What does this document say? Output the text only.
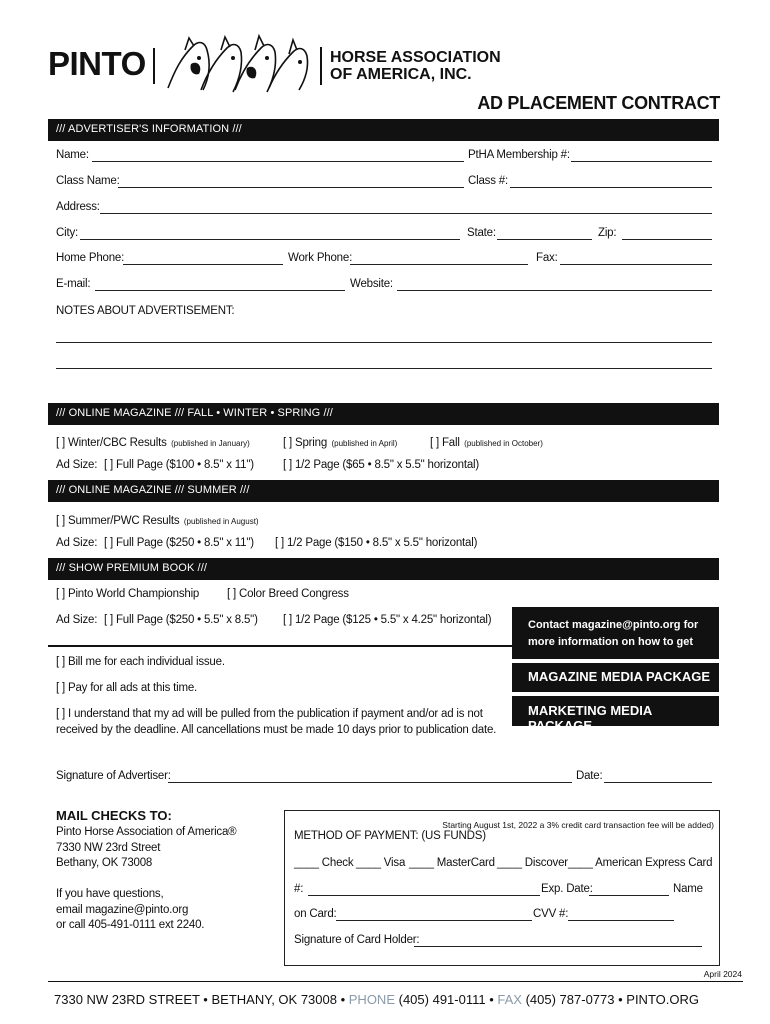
PINTO	HORSE ASSOCIATION
OF AMERICA, INC.
AD PLACEMENT CONTRACT
/// ADVERTISER'S INFORMATION ///
Name:	PtHA Membership #:
Class Name:	Class #:
Address:
City:	State:	Zip:
Home Phone:	Work Phone:	Fax:
E-mail:	Website:
NOTES ABOUT ADVERTISEMENT:
/// ONLINE MAGAZINE /// FALL • WINTER • SPRING ///
[ ] Winter/CBC Results (published in January)	[ ] Spring (published in April)	[ ] Fall (published in October)
Ad Size: [ ] Full Page ($100 • 8.5" x 11")	[ ] 1/2 Page ($65 • 8.5" x 5.5" horizontal)
/// ONLINE MAGAZINE /// SUMMER ///
[ ] Summer/PWC Results (published in August)
Ad Size: [ ] Full Page ($250 • 8.5" x 11") [ ] 1/2 Page ($150 • 8.5" x 5.5" horizontal)
/// SHOW PREMIUM BOOK ///
[ ] Pinto World Championship [ ] Color Breed Congress
Ad Size: [ ] Full Page ($250 • 5.5" x 8.5") [ ] 1/2 Page ($125 • 5.5" x 4.25" horizontal)	Contact magazine@pinto.org for
more information on how to get
MAGAZINE MEDIA PACKAGE
MARKETING MEDIA PACKAGE
[ ] Bill me for each individual issue.
[ ] Pay for all ads at this time.
[ ] I understand that my ad will be pulled from the publication if payment and/or ad is not
received by the deadline. All cancellations must be made 10 days prior to publication date.
Signature of Advertiser:	Date:
MAIL CHECKS TO:
Pinto Horse Association of America®
7330 NW 23rd Street
Bethany, OK 73008
If you have questions,
email magazine@pinto.org
or call 405-491-0111 ext 2240.
Starting August 1st, 2022 a 3% credit card transaction fee will be added)
METHOD OF PAYMENT: (US FUNDS)
____ Check ____ Visa ____ MasterCard ____ Discover ____ American Express Card
#:	Exp. Date:	Name
on Card:	CVV #:
Signature of Card Holder:
April 2024
7330 NW 23RD STREET • BETHANY, OK 73008 • PHONE (405) 491-0111 • FAX (405) 787-0773 • PINTO.ORG
